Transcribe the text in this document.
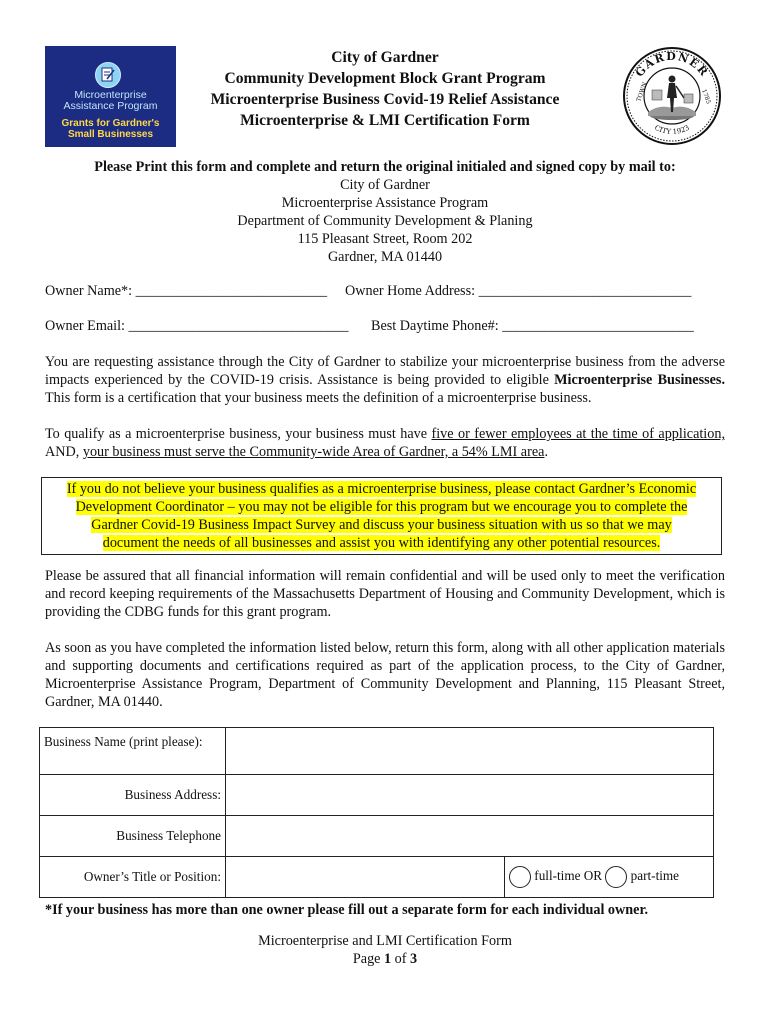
Microenterprise
Assistance Program
Grants for Gardner's
Small Businesses
GARDNER
CITY 1923
TOWN	1785
City of Gardner
Community Development Block Grant Program
Microenterprise Business Covid-19 Relief Assistance
Microenterprise & LMI Certification Form
Please Print this form and complete and return the original initialed and signed copy by mail to:
City of Gardner
Microenterprise Assistance Program
Department of Community Development & Planing
115 Pleasant Street, Room 202
Gardner, MA 01440
Owner Name*: ___________________________ Owner Home Address: ______________________________
Owner Email: _______________________________ Best Daytime Phone#: ___________________________
You are requesting assistance through the City of Gardner to stabilize your microenterprise business from the adverse impacts experienced by the COVID-19 crisis. Assistance is being provided to eligible Microenterprise Businesses. This form is a certification that your business meets the definition of a microenterprise business.
To qualify as a microenterprise business, your business must have five or fewer employees at the time of application, AND, your business must serve the Community-wide Area of Gardner, a 54% LMI area.
If you do not believe your business qualifies as a microenterprise business, please contact Gardner’s Economic
Development Coordinator – you may not be eligible for this program but we encourage you to complete the
Gardner Covid-19 Business Impact Survey and discuss your business situation with us so that we may
document the needs of all businesses and assist you with identifying any other potential resources.
Please be assured that all financial information will remain confidential and will be used only to meet the verification and record keeping requirements of the Massachusetts Department of Housing and Community Development, which is providing the CDBG funds for this grant program.
As soon as you have completed the information listed below, return this form, along with all other application materials and supporting documents and certifications required as part of the application process, to the City of Gardner, Microenterprise Assistance Program, Department of Community Development and Planning, 115 Pleasant Street, Gardner, MA 01440.
Business Name (print please):		
Business Address:		
Business Telephone		
Owner’s Title or Position:		full-time OR part-time
*If your business has more than one owner please fill out a separate form for each individual owner.
Microenterprise and LMI Certification Form
Page 1 of 3
